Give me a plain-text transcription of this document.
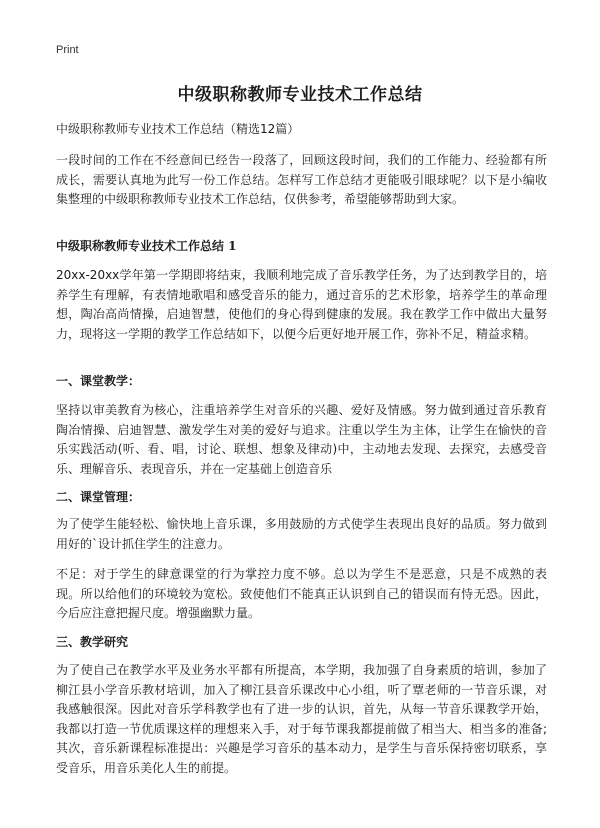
Print
中级职称教师专业技术工作总结
中级职称教师专业技术工作总结（精选12篇）
一段时间的工作在不经意间已经告一段落了，回顾这段时间，我们的工作能力、经验都有所成长，需要认真地为此写一份工作总结。怎样写工作总结才更能吸引眼球呢？以下是小编收集整理的中级职称教师专业技术工作总结，仅供参考，希望能够帮助到大家。
中级职称教师专业技术工作总结 1
20xx-20xx学年第一学期即将结束，我顺利地完成了音乐教学任务，为了达到教学目的，培养学生有理解，有表情地歌唱和感受音乐的能力，通过音乐的艺术形象，培养学生的革命理想，陶冶高尚情操，启迪智慧，使他们的身心得到健康的发展。我在教学工作中做出大量努力，现将这一学期的教学工作总结如下，以便今后更好地开展工作，弥补不足，精益求精。
一、课堂教学：
坚持以审美教育为核心，注重培养学生对音乐的兴趣、爱好及情感。努力做到通过音乐教育陶冶情操、启迪智慧、激发学生对美的爱好与追求。注重以学生为主体，让学生在愉快的音乐实践活动(听、看、唱，讨论、联想、想象及律动)中，主动地去发现、去探究，去感受音乐、理解音乐、表现音乐，并在一定基础上创造音乐
二、课堂管理：
为了使学生能轻松、愉快地上音乐课，多用鼓励的方式使学生表现出良好的品质。努力做到用好的`设计抓住学生的注意力。
不足：对于学生的肆意课堂的行为掌控力度不够。总以为学生不是恶意，只是不成熟的表现。所以给他们的环境较为宽松。致使他们不能真正认识到自己的错误而有恃无恐。因此，今后应注意把握尺度。增强幽默力量。
三、教学研究
为了使自己在教学水平及业务水平都有所提高，本学期，我加强了自身素质的培训，参加了柳江县小学音乐教材培训，加入了柳江县音乐课改中心小组，听了覃老师的一节音乐课，对我感触很深。因此对音乐学科教学也有了进一步的认识，首先，从每一节音乐课教学开始，我都以打造一节优质课这样的理想来入手，对于每节课我都提前做了相当大、相当多的准备;其次，音乐新课程标准提出：兴趣是学习音乐的基本动力，是学生与音乐保持密切联系，享受音乐，用音乐美化人生的前提。
